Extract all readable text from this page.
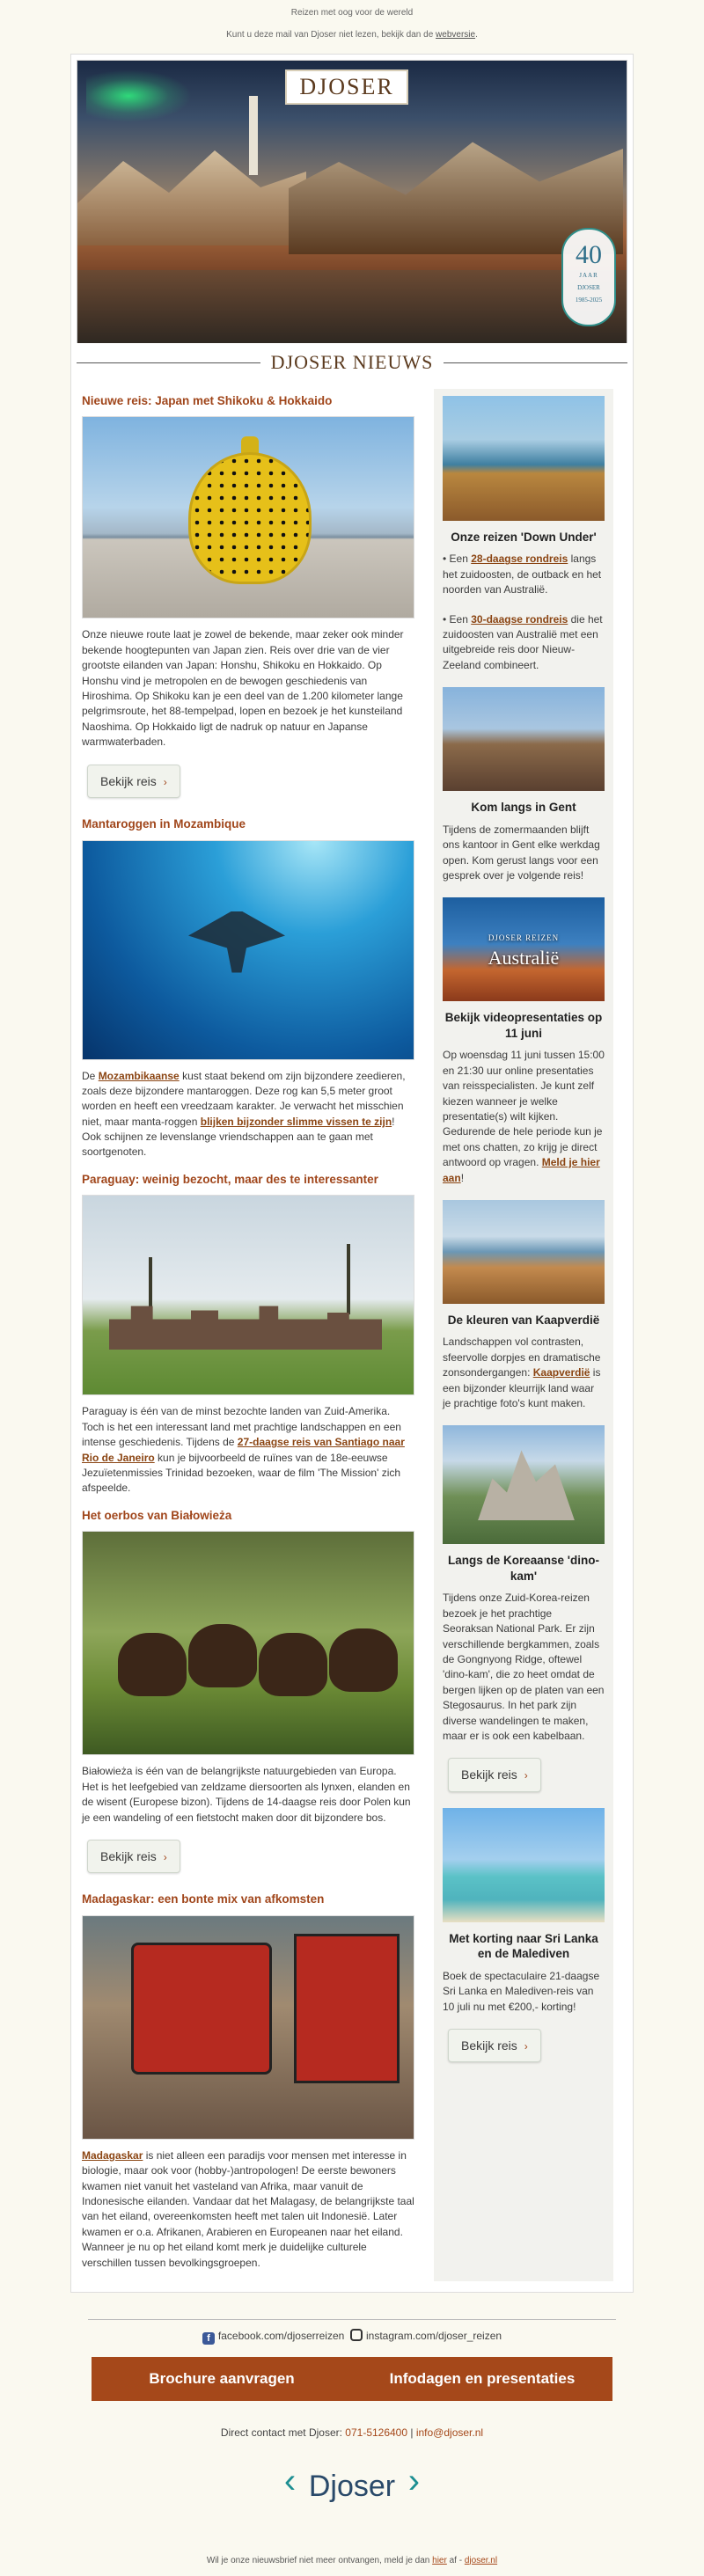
Reizen met oog voor de wereld
Kunt u deze mail van Djoser niet lezen, bekijk dan de webversie.
DJOSER
40
JAAR
DJOSER
1985-2025
DJOSER NIEUWS
Nieuwe reis: Japan met Shikoku & Hokkaido
Onze nieuwe route laat je zowel de bekende, maar zeker ook minder bekende hoogtepunten van Japan zien. Reis over drie van de vier grootste eilanden van Japan: Honshu, Shikoku en Hokkaido. Op Honshu vind je metropolen en de bewogen geschiedenis van Hiroshima. Op Shikoku kan je een deel van de 1.200 kilometer lange pelgrimsroute, het 88-tempelpad, lopen en bezoek je het kunsteiland Naoshima. Op Hokkaido ligt de nadruk op natuur en Japanse warmwaterbaden.
Bekijk reis ›
Mantaroggen in Mozambique
De Mozambikaanse kust staat bekend om zijn bijzondere zeedieren, zoals deze bijzondere mantaroggen. Deze rog kan 5,5 meter groot worden en heeft een vreedzaam karakter. Je verwacht het misschien niet, maar manta-roggen blijken bijzonder slimme vissen te zijn! Ook schijnen ze levenslange vriendschappen aan te gaan met soortgenoten.
Paraguay: weinig bezocht, maar des te interessanter
Paraguay is één van de minst bezochte landen van Zuid-Amerika. Toch is het een interessant land met prachtige landschappen en een intense geschiedenis. Tijdens de 27-daagse reis van Santiago naar Rio de Janeiro kun je bijvoorbeeld de ruïnes van de 18e-eeuwse Jezuïetenmissies Trinidad bezoeken, waar de film 'The Mission' zich afspeelde.
Het oerbos van Białowieża
Białowieża is één van de belangrijkste natuurgebieden van Europa. Het is het leefgebied van zeldzame diersoorten als lynxen, elanden en de wisent (Europese bizon). Tijdens de 14-daagse reis door Polen kun je een wandeling of een fietstocht maken door dit bijzondere bos.
Bekijk reis ›
Madagaskar: een bonte mix van afkomsten
Madagaskar is niet alleen een paradijs voor mensen met interesse in biologie, maar ook voor (hobby-)antropologen! De eerste bewoners kwamen niet vanuit het vasteland van Afrika, maar vanuit de Indonesische eilanden. Vandaar dat het Malagasy, de belangrijkste taal van het eiland, overeenkomsten heeft met talen uit Indonesië. Later kwamen er o.a. Afrikanen, Arabieren en Europeanen naar het eiland. Wanneer je nu op het eiland komt merk je duidelijke culturele verschillen tussen bevolkingsgroepen.
Onze reizen 'Down Under'
• Een 28-daagse rondreis langs het zuidoosten, de outback en het noorden van Australië.
• Een 30-daagse rondreis die het zuidoosten van Australië met een uitgebreide reis door Nieuw-Zeeland combineert.
Kom langs in Gent
Tijdens de zomermaanden blijft ons kantoor in Gent elke werkdag open. Kom gerust langs voor een gesprek over je volgende reis!
DJOSER REIZEN
Australië
Bekijk videopresentaties op 11 juni
Op woensdag 11 juni tussen 15:00 en 21:30 uur online presentaties van reisspecialisten. Je kunt zelf kiezen wanneer je welke presentatie(s) wilt kijken. Gedurende de hele periode kun je met ons chatten, zo krijg je direct antwoord op vragen. Meld je hier aan!
De kleuren van Kaapverdië
Landschappen vol contrasten, sfeervolle dorpjes en dramatische zonsondergangen: Kaapverdië is een bijzonder kleurrijk land waar je prachtige foto's kunt maken.
Langs de Koreaanse 'dino-kam'
Tijdens onze Zuid-Korea-reizen bezoek je het prachtige Seoraksan National Park. Er zijn verschillende bergkammen, zoals de Gongnyong Ridge, oftewel 'dino-kam', die zo heet omdat de bergen lijken op de platen van een Stegosaurus. In het park zijn diverse wandelingen te maken, maar er is ook een kabelbaan.
Bekijk reis ›
Met korting naar Sri Lanka en de Malediven
Boek de spectaculaire 21-daagse Sri Lanka en Malediven-reis van 10 juli nu met €200,- korting!
Bekijk reis ›
f facebook.com/djoserreizen instagram.com/djoser_reizen
Brochure aanvragen	Infodagen en presentaties
Direct contact met Djoser: 071-5126400 | info@djoser.nl
‹ Djoser ›
Wil je onze nieuwsbrief niet meer ontvangen, meld je dan hier af - djoser.nl
